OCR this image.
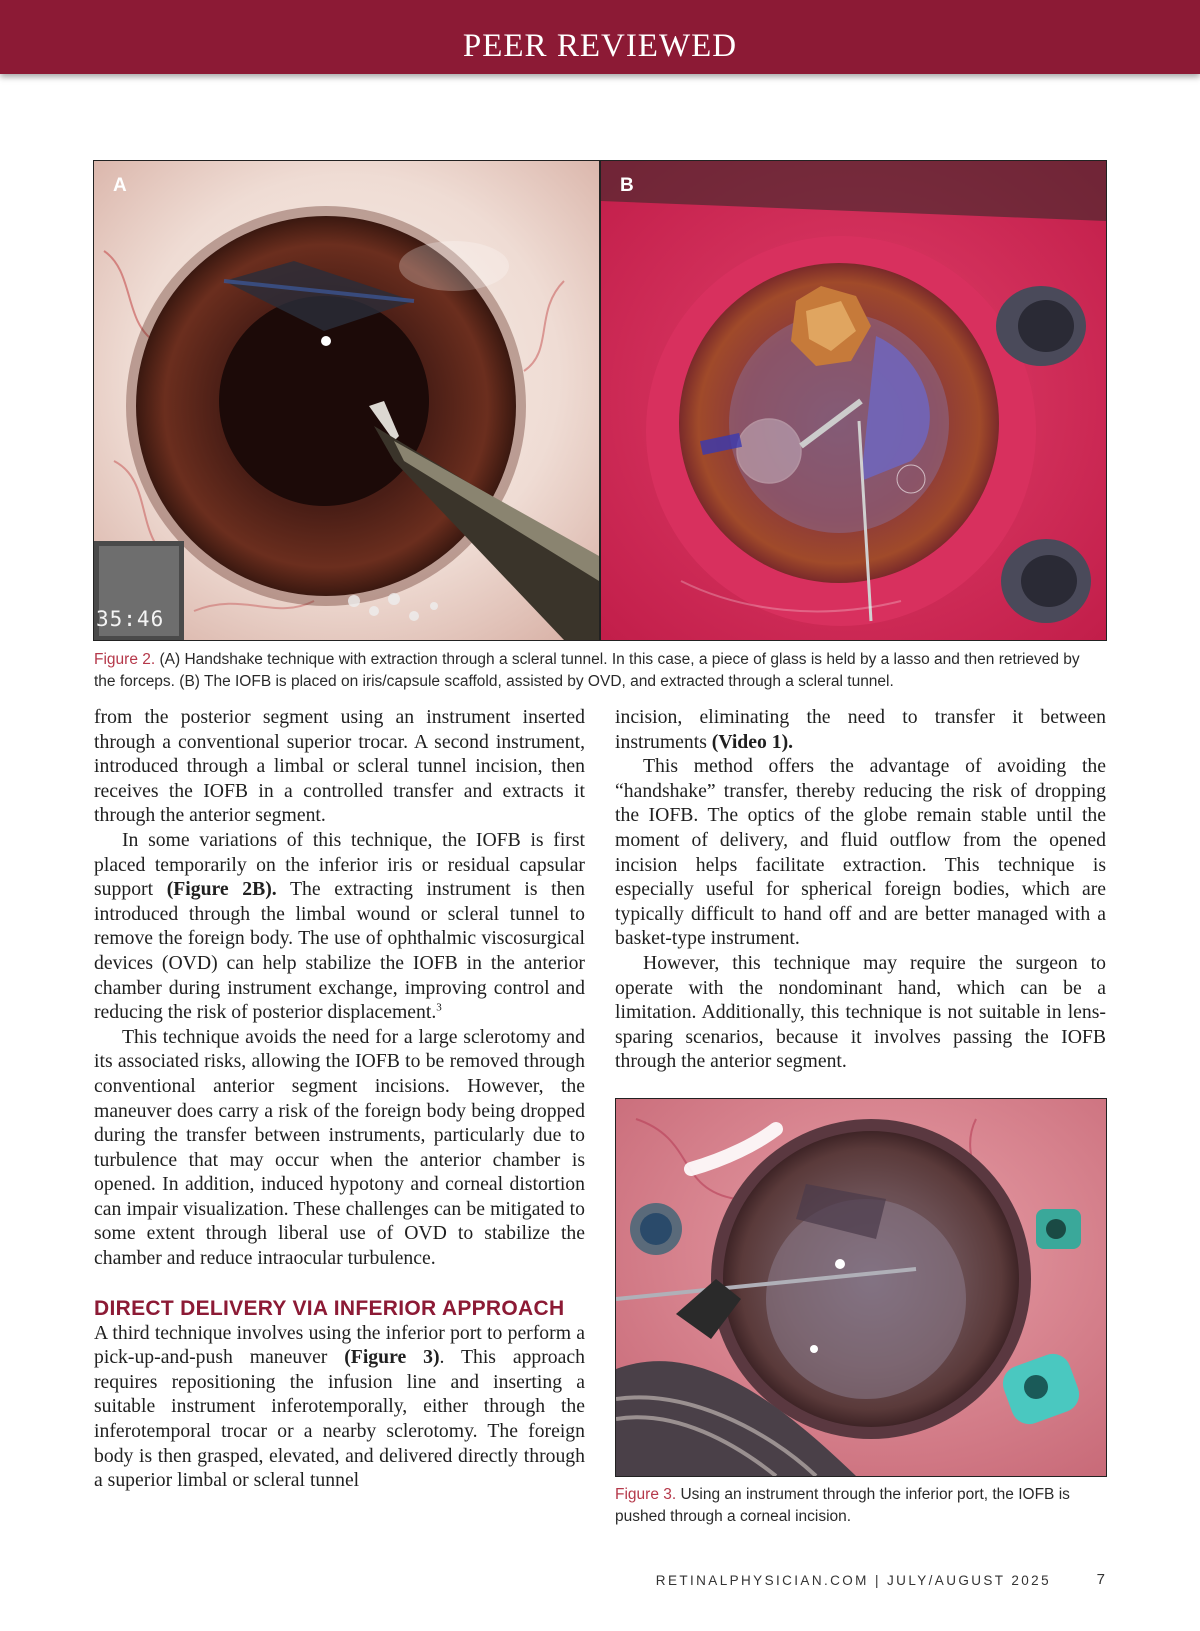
PEER REVIEWED
A
35:46
B
Figure 2. (A) Handshake technique with extraction through a scleral tunnel. In this case, a piece of glass is held by a lasso and then retrieved by the forceps. (B) The IOFB is placed on iris/capsule scaffold, assisted by OVD, and extracted through a scleral tunnel.

from the posterior segment using an instrument inserted through a conventional superior trocar. A second instrument, introduced through a limbal or scleral tunnel incision, then receives the IOFB in a controlled transfer and extracts it through the anterior segment.

In some variations of this technique, the IOFB is first placed temporarily on the inferior iris or residual capsular support (Figure 2B). The extracting instrument is then introduced through the limbal wound or scleral tunnel to remove the foreign body. The use of ophthalmic viscosurgical devices (OVD) can help stabilize the IOFB in the anterior chamber during instrument exchange, improving control and reducing the risk of posterior displacement.$^3$

This technique avoids the need for a large sclerotomy and its associated risks, allowing the IOFB to be removed through conventional anterior segment incisions. However, the maneuver does carry a risk of the foreign body being dropped during the transfer between instruments, particularly due to turbulence that may occur when the anterior chamber is opened. In addition, induced hypotony and corneal distortion can impair visualization. These challenges can be mitigated to some extent through liberal use of OVD to stabilize the chamber and reduce intraocular turbulence.

DIRECT DELIVERY VIA INFERIOR APPROACH

A third technique involves using the inferior port to perform a pick-up-and-push maneuver (Figure 3). This approach requires repositioning the infusion line and inserting a suitable instrument inferotemporally, either through the inferotemporal trocar or a nearby sclerotomy. The foreign body is then grasped, elevated, and delivered directly through a superior limbal or scleral tunnel

incision, eliminating the need to transfer it between instruments (Video 1).

This method offers the advantage of avoiding the “handshake” transfer, thereby reducing the risk of dropping the IOFB. The optics of the globe remain stable until the moment of delivery, and fluid outflow from the opened incision helps facilitate extraction. This technique is especially useful for spherical foreign bodies, which are typically difficult to hand off and are better managed with a basket-type instrument.

However, this technique may require the surgeon to operate with the nondominant hand, which can be a limitation. Additionally, this technique is not suitable in lens-sparing scenarios, because it involves passing the IOFB through the anterior segment.

Figure 3. Using an instrument through the inferior port, the IOFB is pushed through a corneal incision.
RETINALPHYSICIAN.COM | JULY/AUGUST 2025	7
